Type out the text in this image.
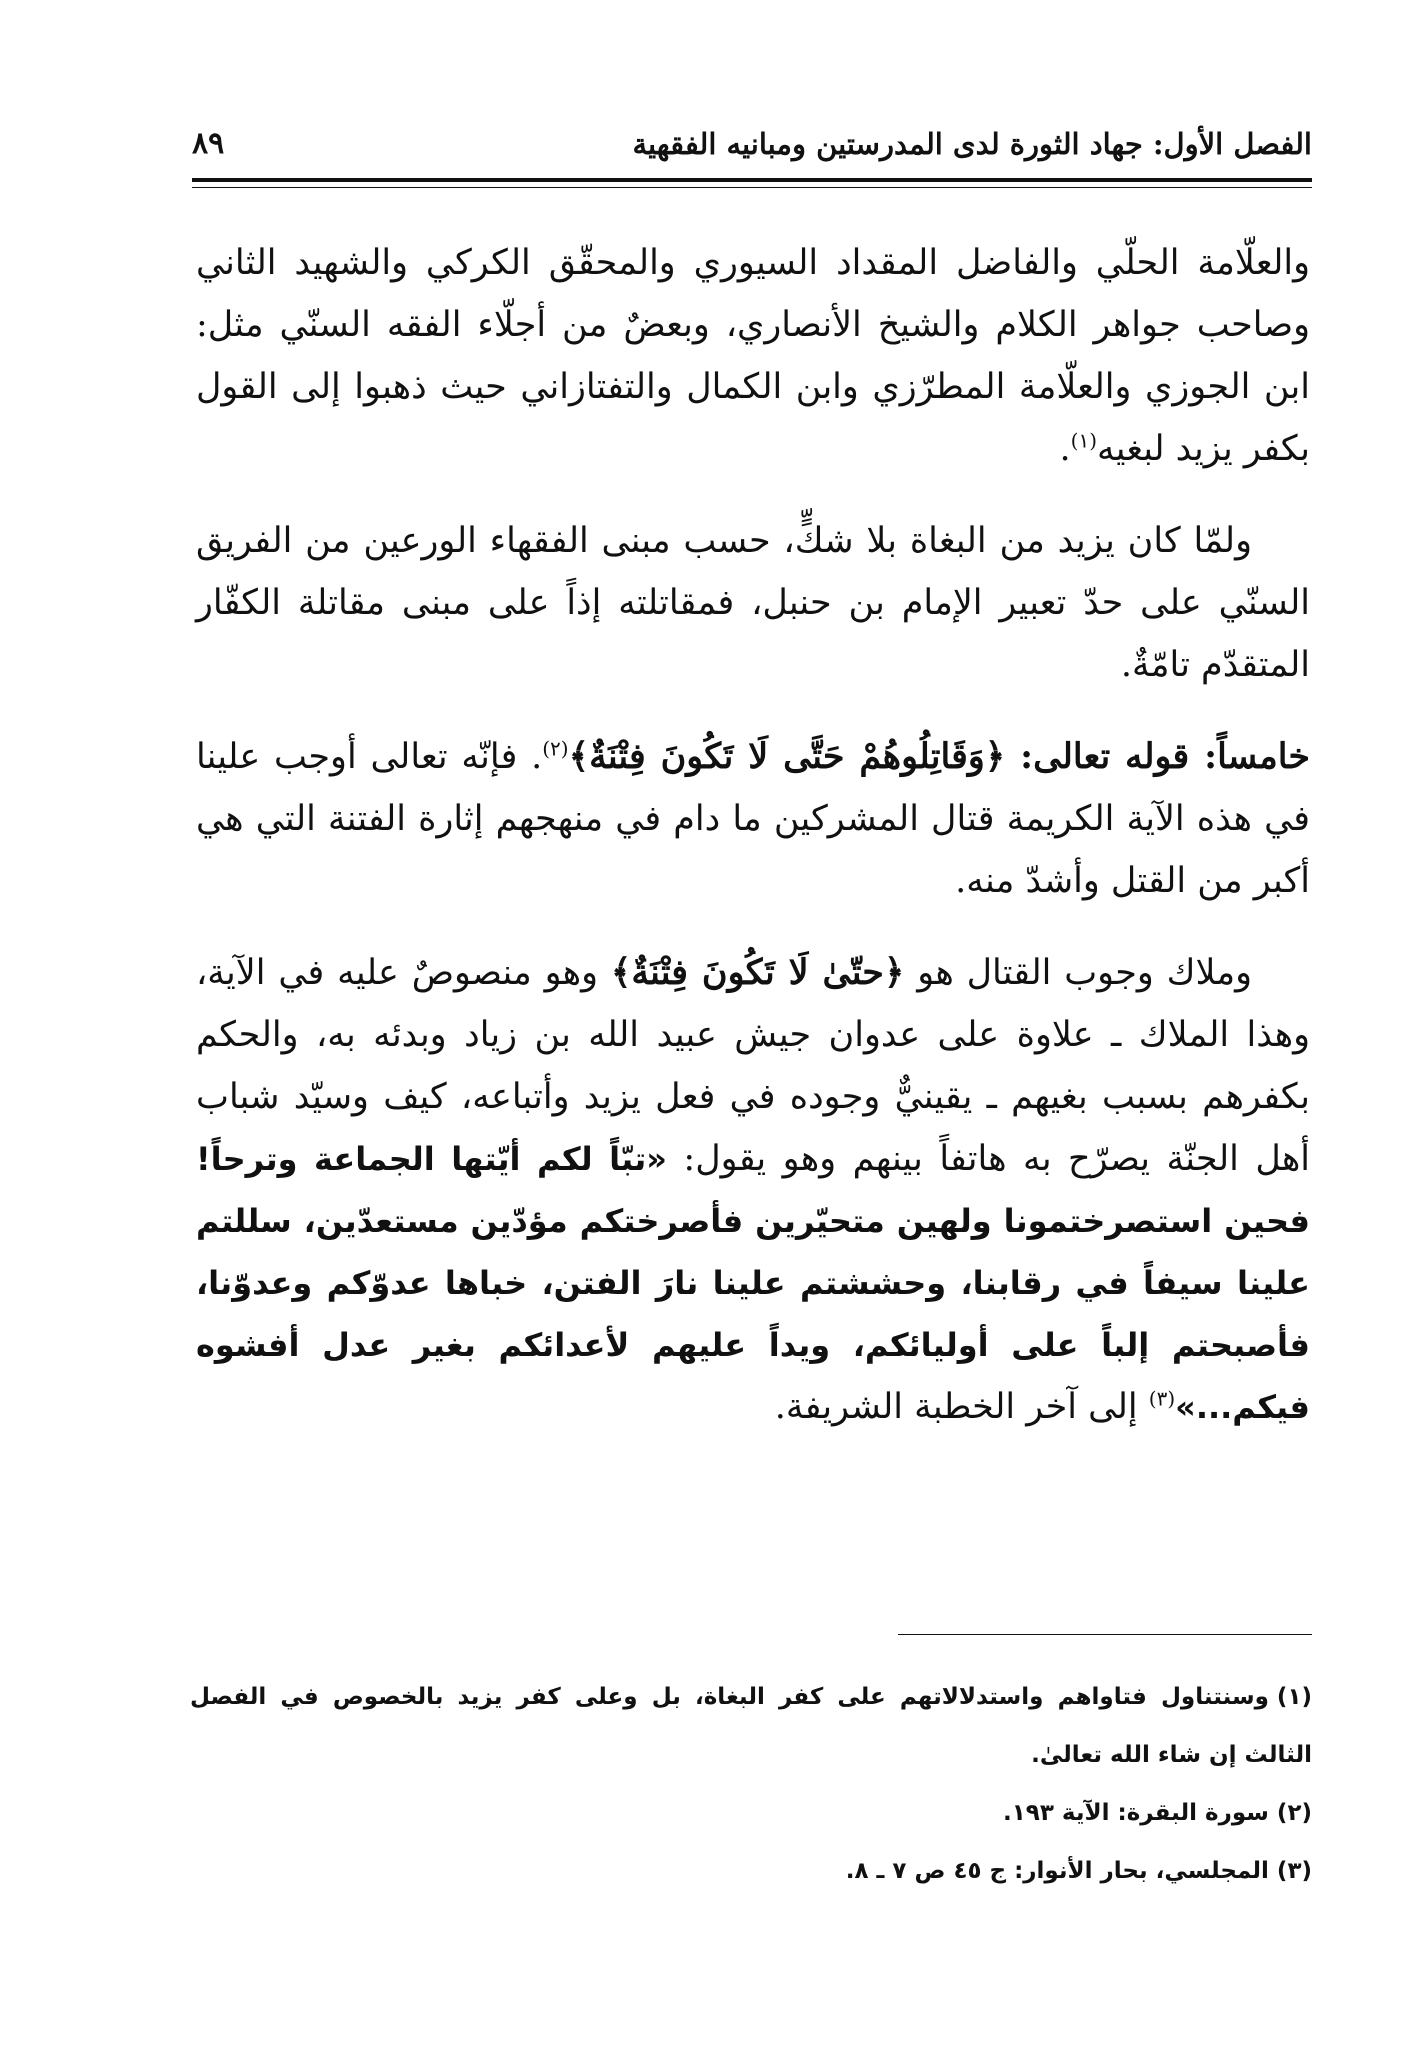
الفصل الأول: جهاد الثورة لدى المدرستين ومبانيه الفقهية
٨٩

والعلّامة الحلّي والفاضل المقداد السيوري والمحقّق الكركي والشهيد الثاني وصاحب جواهر الكلام والشيخ الأنصاري، وبعضٌ من أجلّاء الفقه السنّي مثل: ابن الجوزي والعلّامة المطرّزي وابن الكمال والتفتازاني حيث ذهبوا إلى القول بكفر يزيد لبغيه$^{(١)}$.

ولمّا كان يزيد من البغاة بلا شكٍّ، حسب مبنى الفقهاء الورعين من الفريق السنّي على حدّ تعبير الإمام بن حنبل، فمقاتلته إذاً على مبنى مقاتلة الكفّار المتقدّم تامّةٌ.

خامساً: قوله تعالى: ﴿وَقَاتِلُوهُمْ حَتَّى لَا تَكُونَ فِتْنَةٌ﴾$^{(٢)}$. فإنّه تعالى أوجب علينا في هذه الآية الكريمة قتال المشركين ما دام في منهجهم إثارة الفتنة التي هي أكبر من القتل وأشدّ منه.

وملاك وجوب القتال هو ﴿حتّىٰ لَا تَكُونَ فِتْنَةٌ﴾ وهو منصوصٌ عليه في الآية، وهذا الملاك ـ علاوة على عدوان جيش عبيد الله بن زياد وبدئه به، والحكم بكفرهم بسبب بغيهم ـ يقينيٌّ وجوده في فعل يزيد وأتباعه، كيف وسيّد شباب أهل الجنّة يصرّح به هاتفاً بينهم وهو يقول: «تبّاً لكم أيّتها الجماعة وترحاً! فحين استصرختمونا ولهين متحيّرين فأصرختكم مؤدّين مستعدّين، سللتم علينا سيفاً في رقابنا، وحششتم علينا نارَ الفتن، خباها عدوّكم وعدوّنا، فأصبحتم إلباً على أوليائكم، ويداً عليهم لأعدائكم بغير عدل أفشوه فيكم...»$^{(٣)}$ إلى آخر الخطبة الشريفة.

(١)وسنتناول فتاواهم واستدلالاتهم على كفر البغاة، بل وعلى كفر يزيد بالخصوص في الفصل الثالث إن شاء الله تعالىٰ.

(٢)سورة البقرة: الآية ١٩٣.

(٣)المجلسي، بحار الأنوار: ج ٤٥ ص ٧ ـ ٨.
